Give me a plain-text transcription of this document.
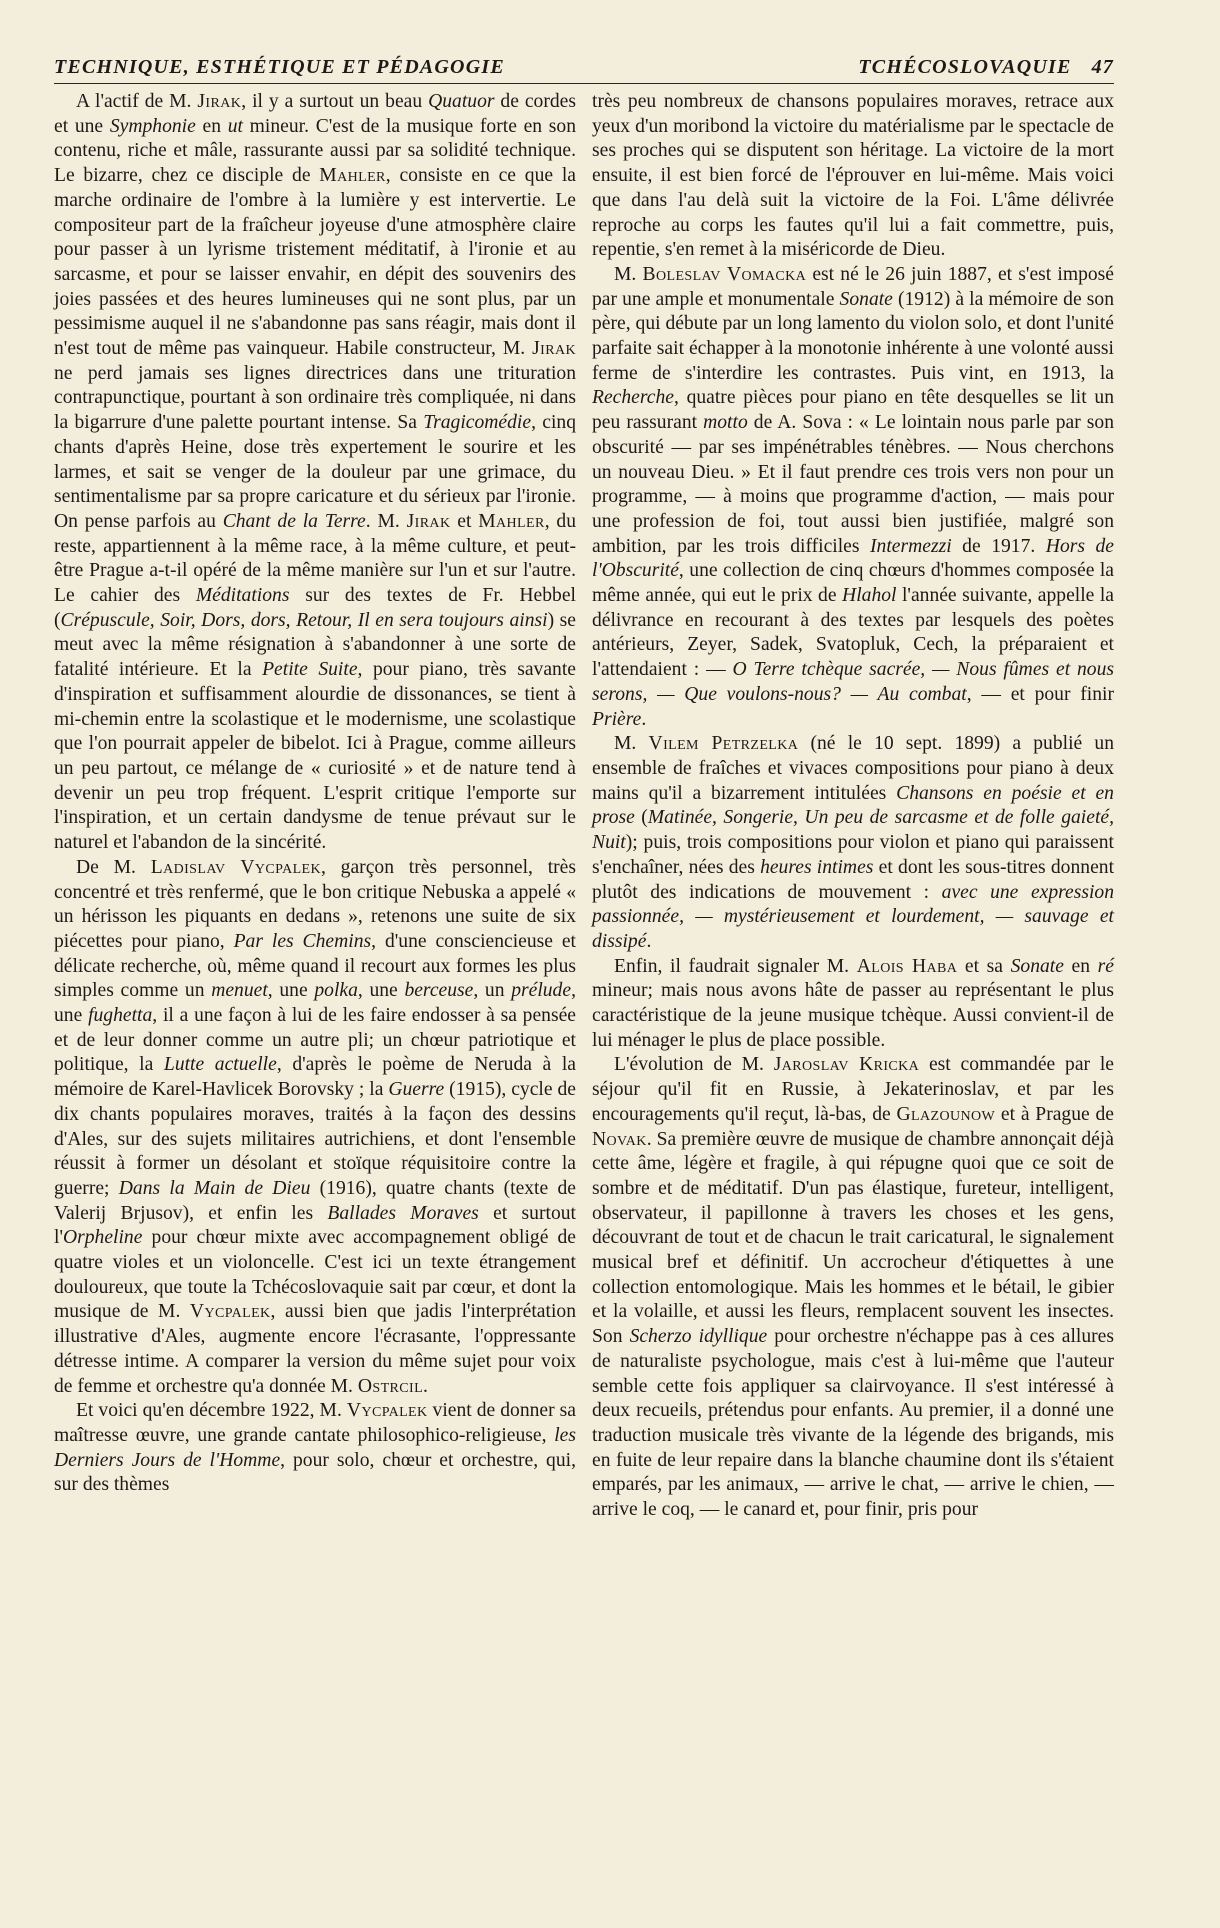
TECHNIQUE, ESTHÉTIQUE ET PÉDAGOGIE	TCHÉCOSLOVAQUIE 47

A l'actif de M. Jirak, il y a surtout un beau Quatuor de cordes et une Symphonie en ut mineur. C'est de la musique forte en son contenu, riche et mâle, rassurante aussi par sa solidité technique. Le bizarre, chez ce disciple de Mahler, consiste en ce que la marche ordinaire de l'ombre à la lumière y est intervertie. Le compositeur part de la fraîcheur joyeuse d'une atmosphère claire pour passer à un lyrisme tristement méditatif, à l'ironie et au sarcasme, et pour se laisser envahir, en dépit des souvenirs des joies passées et des heures lumineuses qui ne sont plus, par un pessimisme auquel il ne s'abandonne pas sans réagir, mais dont il n'est tout de même pas vainqueur. Habile constructeur, M. Jirak ne perd jamais ses lignes directrices dans une trituration contrapunctique, pourtant à son ordinaire très compliquée, ni dans la bigarrure d'une palette pourtant intense. Sa Tragicomédie, cinq chants d'après Heine, dose très expertement le sourire et les larmes, et sait se venger de la douleur par une grimace, du sentimentalisme par sa propre caricature et du sérieux par l'ironie. On pense parfois au Chant de la Terre. M. Jirak et Mahler, du reste, appartiennent à la même race, à la même culture, et peut-être Prague a-t-il opéré de la même manière sur l'un et sur l'autre. Le cahier des Méditations sur des textes de Fr. Hebbel (Crépuscule, Soir, Dors, dors, Retour, Il en sera toujours ainsi) se meut avec la même résignation à s'abandonner à une sorte de fatalité intérieure. Et la Petite Suite, pour piano, très savante d'inspiration et suffisamment alourdie de dissonances, se tient à mi-chemin entre la scolastique et le modernisme, une scolastique que l'on pourrait appeler de bibelot. Ici à Prague, comme ailleurs un peu partout, ce mélange de « curiosité » et de nature tend à devenir un peu trop fréquent. L'esprit critique l'emporte sur l'inspiration, et un certain dandysme de tenue prévaut sur le naturel et l'abandon de la sincérité.

De M. Ladislav Vycpalek, garçon très personnel, très concentré et très renfermé, que le bon critique Nebuska a appelé « un hérisson les piquants en dedans », retenons une suite de six piécettes pour piano, Par les Chemins, d'une consciencieuse et délicate recherche, où, même quand il recourt aux formes les plus simples comme un menuet, une polka, une berceuse, un prélude, une fughetta, il a une façon à lui de les faire endosser à sa pensée et de leur donner comme un autre pli; un chœur patriotique et politique, la Lutte actuelle, d'après le poème de Neruda à la mémoire de Karel-Havlicek Borovsky ; la Guerre (1915), cycle de dix chants populaires moraves, traités à la façon des dessins d'Ales, sur des sujets militaires autrichiens, et dont l'ensemble réussit à former un désolant et stoïque réquisitoire contre la guerre; Dans la Main de Dieu (1916), quatre chants (texte de Valerij Brjusov), et enfin les Ballades Moraves et surtout l'Orpheline pour chœur mixte avec accompagnement obligé de quatre violes et un violoncelle. C'est ici un texte étrangement douloureux, que toute la Tchécoslovaquie sait par cœur, et dont la musique de M. Vycpalek, aussi bien que jadis l'interprétation illustrative d'Ales, augmente encore l'écrasante, l'oppressante détresse intime. A comparer la version du même sujet pour voix de femme et orchestre qu'a donnée M. Ostrcil.

Et voici qu'en décembre 1922, M. Vycpalek vient de donner sa maîtresse œuvre, une grande cantate philosophico-religieuse, les Derniers Jours de l'Homme, pour solo, chœur et orchestre, qui, sur des thèmes

très peu nombreux de chansons populaires moraves, retrace aux yeux d'un moribond la victoire du matérialisme par le spectacle de ses proches qui se disputent son héritage. La victoire de la mort ensuite, il est bien forcé de l'éprouver en lui-même. Mais voici que dans l'au delà suit la victoire de la Foi. L'âme délivrée reproche au corps les fautes qu'il lui a fait commettre, puis, repentie, s'en remet à la miséricorde de Dieu.

M. Boleslav Vomacka est né le 26 juin 1887, et s'est imposé par une ample et monumentale Sonate (1912) à la mémoire de son père, qui débute par un long lamento du violon solo, et dont l'unité parfaite sait échapper à la monotonie inhérente à une volonté aussi ferme de s'interdire les contrastes. Puis vint, en 1913, la Recherche, quatre pièces pour piano en tête desquelles se lit un peu rassurant motto de A. Sova : « Le lointain nous parle par son obscurité — par ses impénétrables ténèbres. — Nous cherchons un nouveau Dieu. » Et il faut prendre ces trois vers non pour un programme, — à moins que programme d'action, — mais pour une profession de foi, tout aussi bien justifiée, malgré son ambition, par les trois difficiles Intermezzi de 1917. Hors de l'Obscurité, une collection de cinq chœurs d'hommes composée la même année, qui eut le prix de Hlahol l'année suivante, appelle la délivrance en recourant à des textes par lesquels des poètes antérieurs, Zeyer, Sadek, Svatopluk, Cech, la préparaient et l'attendaient : — O Terre tchèque sacrée, — Nous fûmes et nous serons, — Que voulons-nous? — Au combat, — et pour finir Prière.

M. Vilem Petrzelka (né le 10 sept. 1899) a publié un ensemble de fraîches et vivaces compositions pour piano à deux mains qu'il a bizarrement intitulées Chansons en poésie et en prose (Matinée, Songerie, Un peu de sarcasme et de folle gaieté, Nuit); puis, trois compositions pour violon et piano qui paraissent s'enchaîner, nées des heures intimes et dont les sous-titres donnent plutôt des indications de mouvement : avec une expression passionnée, — mystérieusement et lourdement, — sauvage et dissipé.

Enfin, il faudrait signaler M. Alois Haba et sa Sonate en ré mineur; mais nous avons hâte de passer au représentant le plus caractéristique de la jeune musique tchèque. Aussi convient-il de lui ménager le plus de place possible.

L'évolution de M. Jaroslav Kricka est commandée par le séjour qu'il fit en Russie, à Jekaterinoslav, et par les encouragements qu'il reçut, là-bas, de Glazounow et à Prague de Novak. Sa première œuvre de musique de chambre annonçait déjà cette âme, légère et fragile, à qui répugne quoi que ce soit de sombre et de méditatif. D'un pas élastique, fureteur, intelligent, observateur, il papillonne à travers les choses et les gens, découvrant de tout et de chacun le trait caricatural, le signalement musical bref et définitif. Un accrocheur d'étiquettes à une collection entomologique. Mais les hommes et le bétail, le gibier et la volaille, et aussi les fleurs, remplacent souvent les insectes. Son Scherzo idyllique pour orchestre n'échappe pas à ces allures de naturaliste psychologue, mais c'est à lui-même que l'auteur semble cette fois appliquer sa clairvoyance. Il s'est intéressé à deux recueils, prétendus pour enfants. Au premier, il a donné une traduction musicale très vivante de la légende des brigands, mis en fuite de leur repaire dans la blanche chaumine dont ils s'étaient emparés, par les animaux, — arrive le chat, — arrive le chien, — arrive le coq, — le canard et, pour finir, pris pour
